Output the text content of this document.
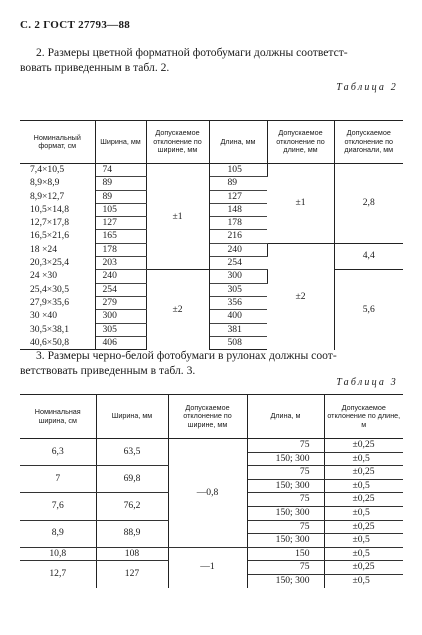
С. 2 ГОСТ 27793—88
2. Размеры цветной форматной фотобумаги должны соответст-
вовать приведенным в табл. 2.
Таблица 2
Номинальный формат, см	Ширина, мм	Допускаемое отклонение по ширине, мм	Длина, мм	Допускаемое отклонение по длине, мм	Допускаемое отклонение по диагонали, мм
7,4×10,5	74	±1	105	±1	2,8
8,9×8,9	89		89		
8,9×12,7	89		127		
10,5×14,8	105		148		
12,7×17,8	127		178		
16,5×21,6	165		216		
18 ×24	178		240	±2	4,4
20,3×25,4	203		254		
24 ×30	240	±2	300		5,6
25,4×30,5	254		305		
27,9×35,6	279		356		
30 ×40	300		400		
30,5×38,1	305		381		
40,6×50,8	406		508		
3. Размеры черно-белой фотобумаги в рулонах должны соот-
ветствовать приведенным в табл. 3.
Таблица 3
Номинальная ширина, см	Ширина, мм	Допускаемое отклонение по ширине, мм	Длина, м	Допускаемое отклонение по длине, м
6,3	63,5	—0,8	75	±0,25
			150; 300	±0,5
7	69,8		75	±0,25
			150; 300	±0,5
7,6	76,2		75	±0,25
			150; 300	±0,5
8,9	88,9		75	±0,25
			150; 300	±0,5
10,8	108	—1	150	±0,5
12,7	127		75	±0,25
			150; 300	±0,5
